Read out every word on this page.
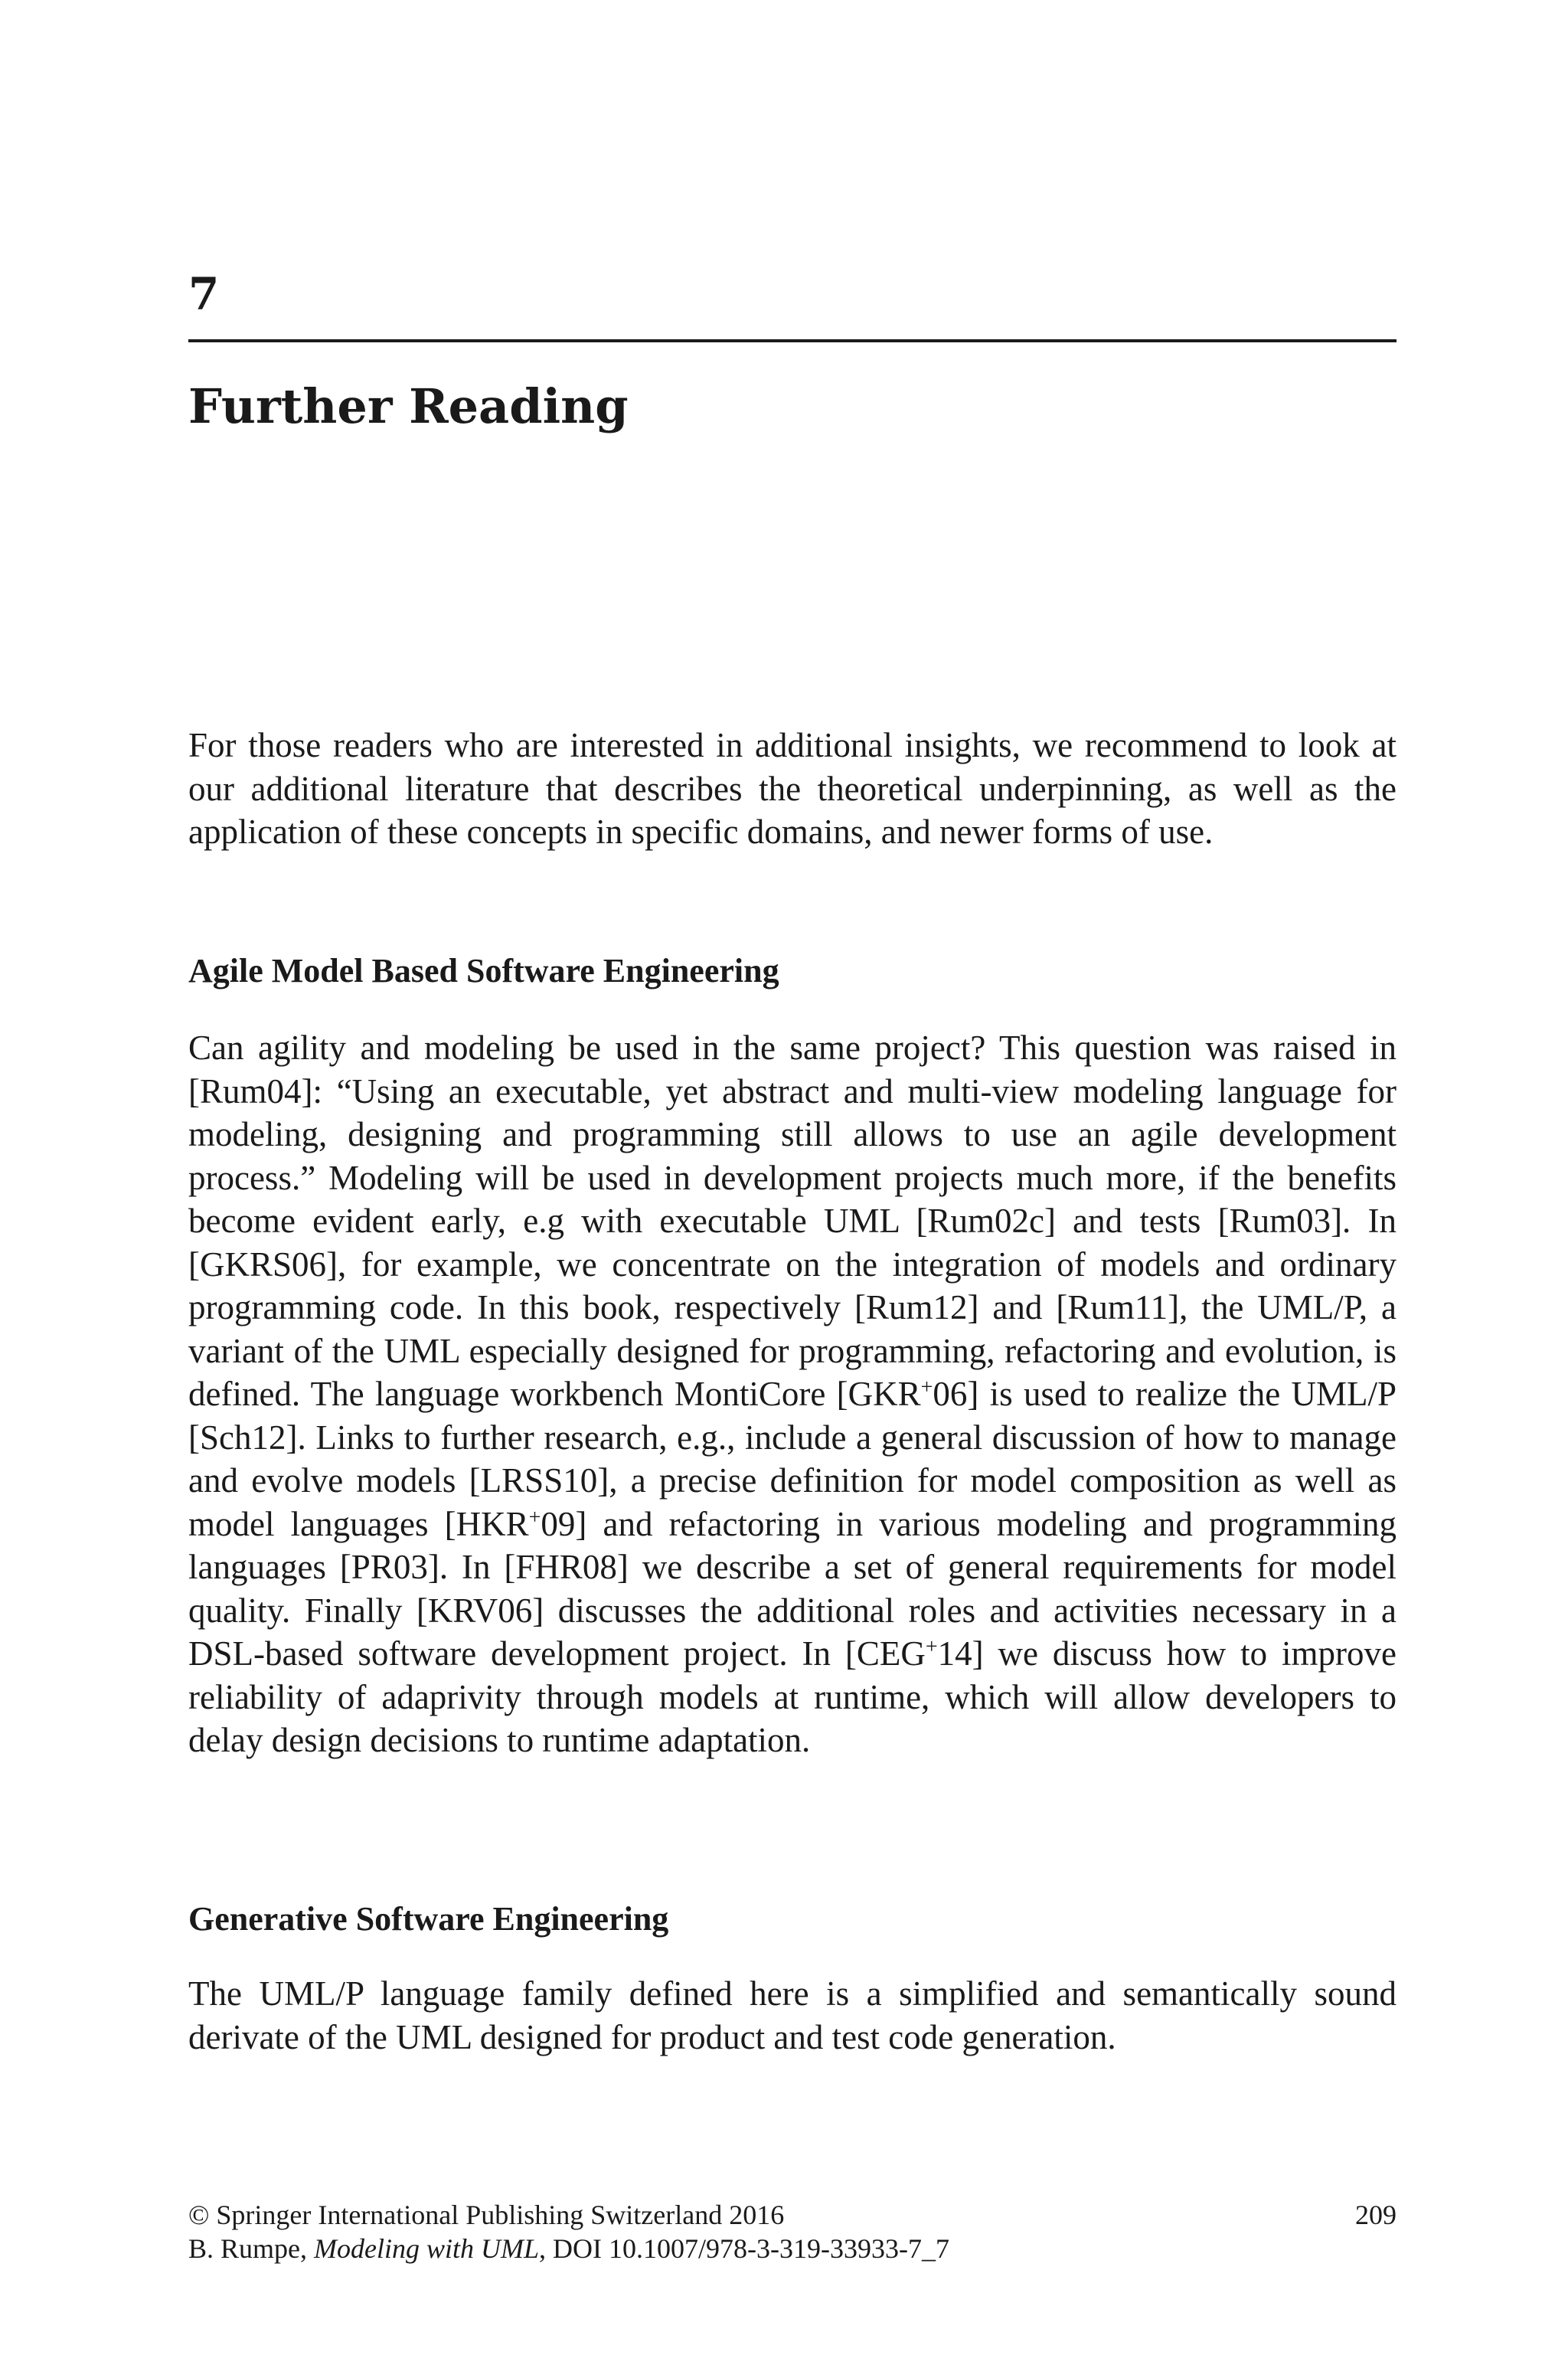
7
Further Reading

For those readers who are interested in additional insights, we recommend to look at our additional literature that describes the theoretical underpinning, as well as the application of these concepts in specific domains, and newer forms of use.

Agile Model Based Software Engineering

Can agility and modeling be used in the same project? This question was raised in [Rum04]: “Using an executable, yet abstract and multi-view modeling language for modeling, designing and programming still allows to use an agile development process.” Modeling will be used in development projects much more, if the benefits become evident early, e.g with executable UML [Rum02c] and tests [Rum03]. In [GKRS06], for example, we concentrate on the integration of models and ordinary programming code. In this book, respectively [Rum12] and [Rum11], the UML/P, a variant of the UML especially designed for programming, refactoring and evolution, is defined. The language workbench MontiCore [GKR+06] is used to realize the UML/P [Sch12]. Links to further research, e.g., include a general discussion of how to manage and evolve models [LRSS10], a precise definition for model composition as well as model languages [HKR+09] and refactoring in various modeling and programming languages [PR03]. In [FHR08] we describe a set of general requirements for model quality. Finally [KRV06] discusses the additional roles and activities necessary in a DSL-based software development project. In [CEG+14] we discuss how to improve reliability of adaprivity through models at runtime, which will allow developers to delay design decisions to runtime adaptation.

Generative Software Engineering

The UML/P language family defined here is a simplified and semantically sound derivate of the UML designed for product and test code generation.

© Springer International Publishing Switzerland 2016	209
B. Rumpe, Modeling with UML, DOI 10.1007/978-3-319-33933-7_7
